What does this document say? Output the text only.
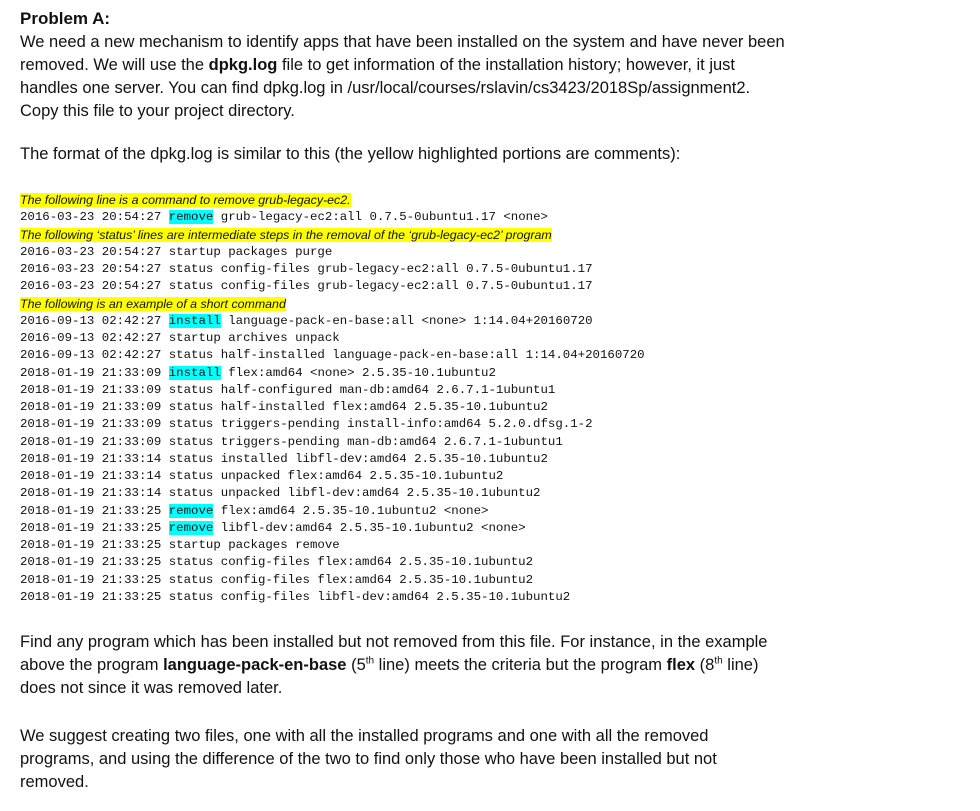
Problem A:
We need a new mechanism to identify apps that have been installed on the system and have never been
removed. We will use the dpkg.log file to get information of the installation history; however, it just
handles one server. You can find dpkg.log in /usr/local/courses/rslavin/cs3423/2018Sp/assignment2.
Copy this file to your project directory.
The format of the dpkg.log is similar to this (the yellow highlighted portions are comments):
The following line is a command to remove grub-legacy-ec2.
2016-03-23 20:54:27 remove grub-legacy-ec2:all 0.7.5-0ubuntu1.17 <none>
The following ‘status’ lines are intermediate steps in the removal of the ‘grub-legacy-ec2’ program
2016-03-23 20:54:27 startup packages purge
2016-03-23 20:54:27 status config-files grub-legacy-ec2:all 0.7.5-0ubuntu1.17
2016-03-23 20:54:27 status config-files grub-legacy-ec2:all 0.7.5-0ubuntu1.17
The following is an example of a short command
2016-09-13 02:42:27 install language-pack-en-base:all <none> 1:14.04+20160720
2016-09-13 02:42:27 startup archives unpack
2016-09-13 02:42:27 status half-installed language-pack-en-base:all 1:14.04+20160720
2018-01-19 21:33:09 install flex:amd64 <none> 2.5.35-10.1ubuntu2
2018-01-19 21:33:09 status half-configured man-db:amd64 2.6.7.1-1ubuntu1
2018-01-19 21:33:09 status half-installed flex:amd64 2.5.35-10.1ubuntu2
2018-01-19 21:33:09 status triggers-pending install-info:amd64 5.2.0.dfsg.1-2
2018-01-19 21:33:09 status triggers-pending man-db:amd64 2.6.7.1-1ubuntu1
2018-01-19 21:33:14 status installed libfl-dev:amd64 2.5.35-10.1ubuntu2
2018-01-19 21:33:14 status unpacked flex:amd64 2.5.35-10.1ubuntu2
2018-01-19 21:33:14 status unpacked libfl-dev:amd64 2.5.35-10.1ubuntu2
2018-01-19 21:33:25 remove flex:amd64 2.5.35-10.1ubuntu2 <none>
2018-01-19 21:33:25 remove libfl-dev:amd64 2.5.35-10.1ubuntu2 <none>
2018-01-19 21:33:25 startup packages remove
2018-01-19 21:33:25 status config-files flex:amd64 2.5.35-10.1ubuntu2
2018-01-19 21:33:25 status config-files flex:amd64 2.5.35-10.1ubuntu2
2018-01-19 21:33:25 status config-files libfl-dev:amd64 2.5.35-10.1ubuntu2
Find any program which has been installed but not removed from this file. For instance, in the example
above the program language-pack-en-base (5th line) meets the criteria but the program flex (8th line)
does not since it was removed later.
We suggest creating two files, one with all the installed programs and one with all the removed
programs, and using the difference of the two to find only those who have been installed but not
removed.
